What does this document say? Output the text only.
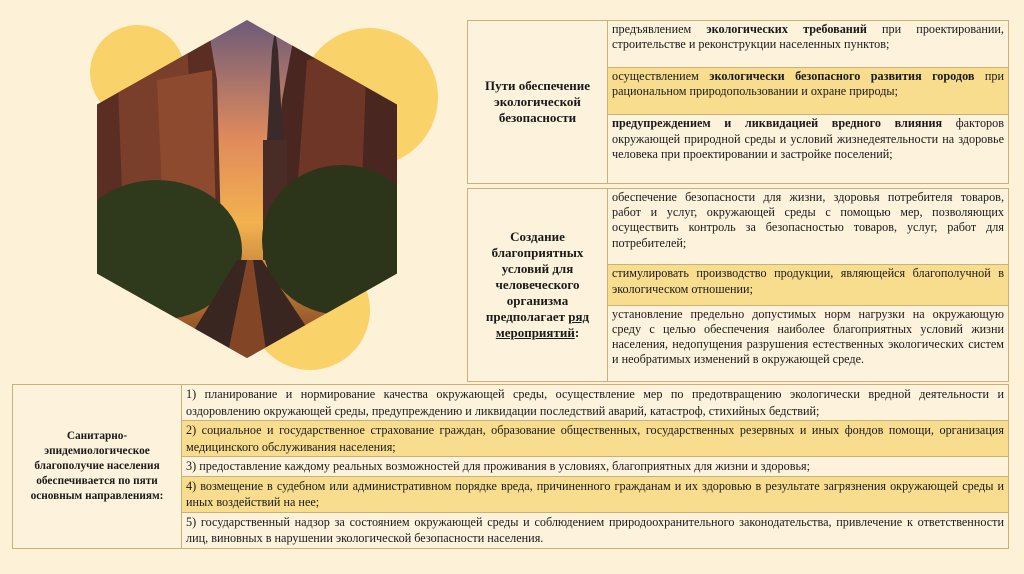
Пути обеспечение экологической безопасности	предъявлением экологических требований при проектировании, строительстве и реконструкции населенных пунктов;
осуществлением экологически безопасного развития городов при рациональном природопользовании и охране природы;
предупреждением и ликвидацией вредного влияния факторов окружающей природной среды и условий жизнедеятельности на здоровье человека при проектировании и застройке поселений;
Создание благоприятных условий для человеческого организма предполагает ряд мероприятий:	обеспечение безопасности для жизни, здоровья потребителя товаров, работ и услуг, окружающей среды с помощью мер, позволяющих осуществить контроль за безопасностью товаров, услуг, работ для потребителей;
стимулировать производство продукции, являющейся благополучной в экологическом отношении;
установление предельно допустимых норм нагрузки на окружающую среду с целью обеспечения наиболее благоприятных условий жизни населения, недопущения разрушения естественных экологических систем и необратимых изменений в окружающей среде.
Санитарно-эпидемиологическое благополучие населения обеспечивается по пяти основным направлениям:	1) планирование и нормирование качества окружающей среды, осуществление мер по предотвращению экологически вредной деятельности и оздоровлению окружающей среды, предупреждению и ликвидации последствий аварий, катастроф, стихийных бедствий;
2) социальное и государственное страхование граждан, образование общественных, государственных резервных и иных фондов помощи, организация медицинского обслуживания населения;
3) предоставление каждому реальных возможностей для проживания в условиях, благоприятных для жизни и здоровья;
4) возмещение в судебном или административном порядке вреда, причиненного гражданам и их здоровью в результате загрязнения окружающей среды и иных воздействий на нее;
5) государственный надзор за состоянием окружающей среды и соблюдением природоохранительного законодательства, привлечение к ответственности лиц, виновных в нарушении экологической безопасности населения.
